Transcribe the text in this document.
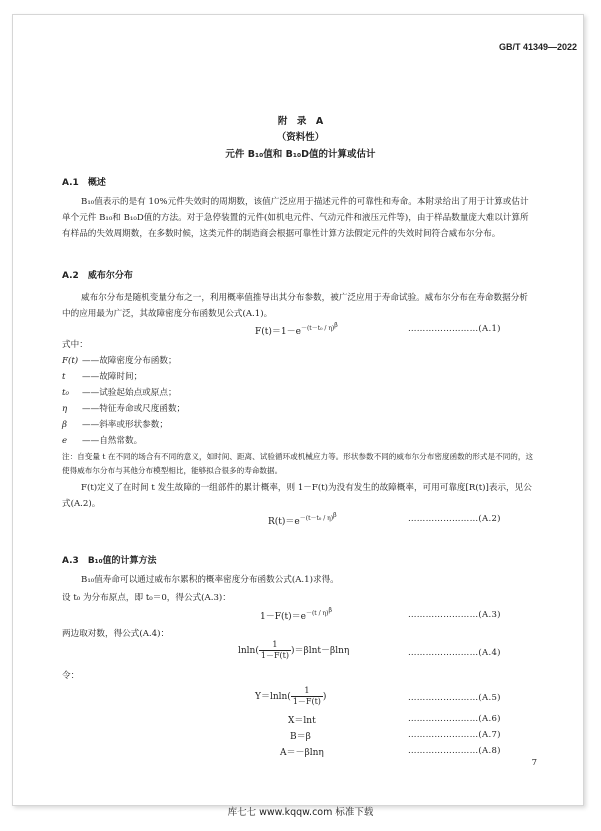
GB/T 41349—2022
附　录　A
（资料性）
元件 B₁₀值和 B₁₀D值的计算或估计
A.1　概述
B₁₀值表示的是有 10%元件失效时的周期数，该值广泛应用于描述元件的可靠性和寿命。本附录给出了用于计算或估计单个元件 B₁₀和 B₁₀D值的方法。对于急停装置的元件(如机电元件、气动元件和液压元件等)，由于样品数量庞大难以计算所有样品的失效周期数，在多数时候，这类元件的制造商会根据可靠性计算方法假定元件的失效时间符合威布尔分布。
A.2　威布尔分布
威布尔分布是随机变量分布之一，利用概率值推导出其分布参数，被广泛应用于寿命试验。威布尔分布在寿命数据分析中的应用最为广泛，其故障密度分布函数见公式(A.1)。
$F(t)=1-e^{-(t-t_0 / \eta)^\beta}$	……………………(A.1)
式中：
F(t) ——故障密度分布函数；
t ——故障时间；
t₀ ——试验起始点或原点；
η ——特征寿命或尺度函数；
β ——斜率或形状参数；
e ——自然常数。
注：自变量 t 在不同的场合有不同的意义，如时间、距离、试验循环或机械应力等。形状参数不同的威布尔分布密度函数的形式是不同的，这使得威布尔分布与其他分布模型相比，能够拟合很多的寿命数据。
F(t)定义了在时间 t 发生故障的一组部件的累计概率，则 1－F(t)为没有发生的故障概率，可用可靠度[R(t)]表示，见公式(A.2)。
$R(t)=e^{-(t-t_0 / \eta)^\beta}$	……………………(A.2)
A.3　B₁₀值的计算方法
B₁₀值寿命可以通过威布尔累积的概率密度分布函数公式(A.1)求得。
设 t₀ 为分布原点，即 t₀＝0，得公式(A.3)：
$1-F(t)=e^{-(t / \eta)^\beta}$	……………………(A.3)
两边取对数，得公式(A.4)：
$lnln( \frac{1}{1-F(t)} )=\beta\ln t-\beta\ln\eta$	……………………(A.4)
令：
$Y=lnln( \frac{1}{1-F(t)}$ )	……………………(A.5)
X＝lnt	……………………(A.6)
B＝β	……………………(A.7)
A＝－βlnη	……………………(A.8)
7
库七七 www.kqqw.com 标准下载
